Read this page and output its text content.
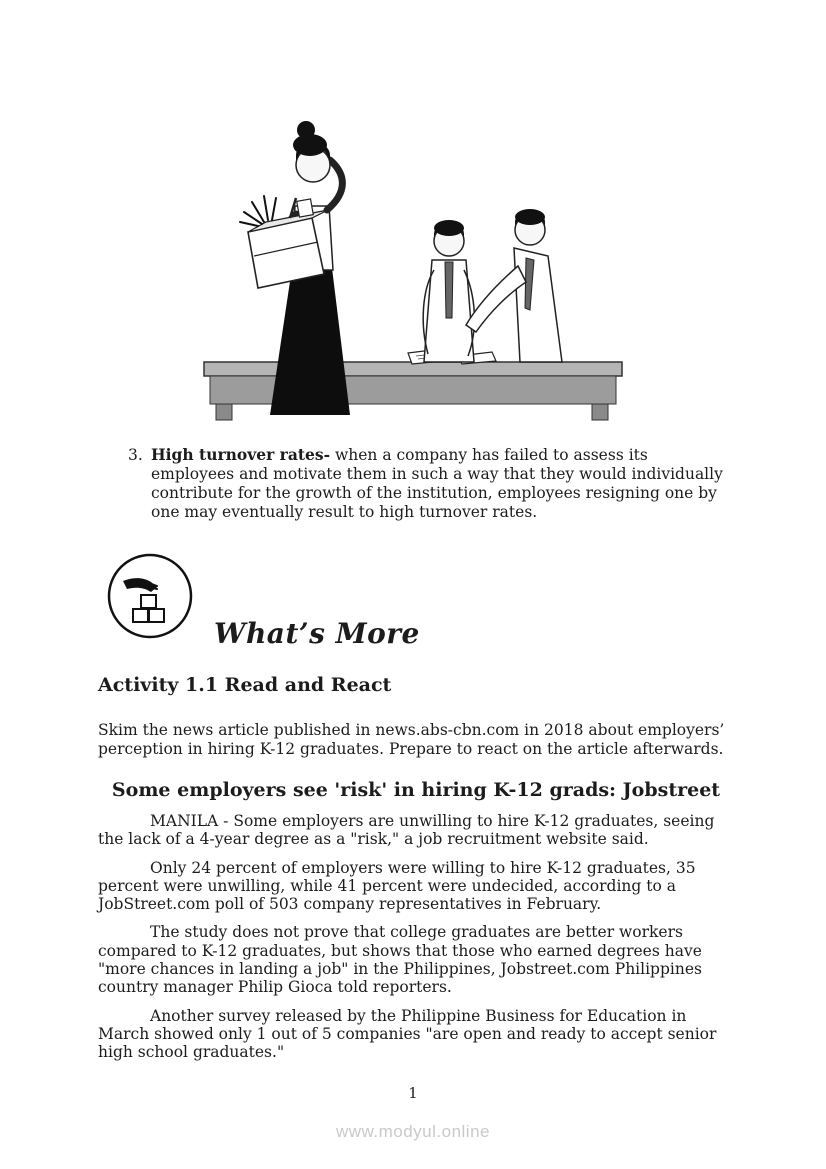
3. High turnover rates- when a company has failed to assess its employees and motivate them in such a way that they would individually contribute for the growth of the institution, employees resigning one by one may eventually result to high turnover rates.
What’s More
Activity 1.1 Read and React
Skim the news article published in news.abs-cbn.com in 2018 about employers’ perception in hiring K-12 graduates. Prepare to react on the article afterwards.
Some employers see 'risk' in hiring K-12 grads: Jobstreet

MANILA - Some employers are unwilling to hire K-12 graduates, seeing the lack of a 4-year degree as a "risk," a job recruitment website said.

Only 24 percent of employers were willing to hire K-12 graduates, 35 percent were unwilling, while 41 percent were undecided, according to a JobStreet.com poll of 503 company representatives in February.

The study does not prove that college graduates are better workers compared to K-12 graduates, but shows that those who earned degrees have "more chances in landing a job" in the Philippines, Jobstreet.com Philippines country manager Philip Gioca told reporters.

Another survey released by the Philippine Business for Education in March showed only 1 out of 5 companies "are open and ready to accept senior high school graduates."

1
www.modyul.online
